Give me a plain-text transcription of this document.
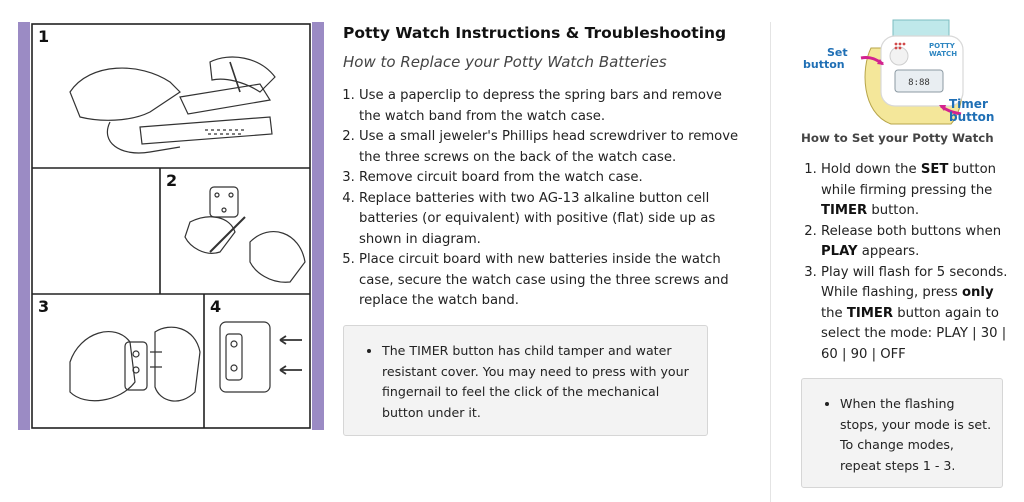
1
2
3	4
Potty Watch Instructions & Troubleshooting
How to Replace your Potty Watch Batteries
1. Use a paperclip to depress the spring bars and remove the watch band from the watch case.
2. Use a small jeweler's Phillips head screwdriver to remove the three screws on the back of the watch case.
3. Remove circuit board from the watch case.
4. Replace batteries with two AG-13 alkaline button cell batteries (or equivalent) with positive (flat) side up as shown in diagram.
5. Place circuit board with new batteries inside the watch case, secure the watch case using the three screws and replace the watch band.
• The TIMER button has child tamper and water resistant cover. You may need to press with your fingernail to feel the click of the mechanical button under it.
8:88
POTTY
WATCH
Set
button
Timer
button
How to Set your Potty Watch
1. Hold down the SET button while firming pressing the TIMER button.
2. Release both buttons when PLAY appears.
3. Play will flash for 5 seconds. While flashing, press only the TIMER button again to select the mode: PLAY | 30 | 60 | 90 | OFF
• When the flashing stops, your mode is set. To change modes, repeat steps 1 - 3.
